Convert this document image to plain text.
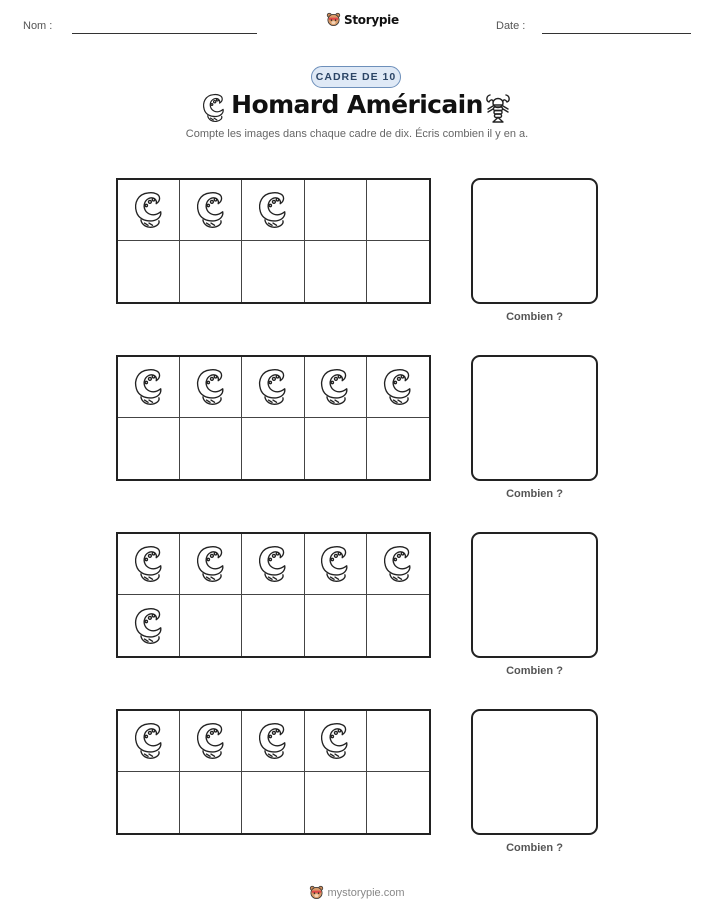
Nom :	Storypie	Date :
CADRE DE 10
Homard Américain
Compte les images dans chaque cadre de dix. Écris combien il y en a.
Combien ?
Combien ?
Combien ?
Combien ?
mystorypie.com
